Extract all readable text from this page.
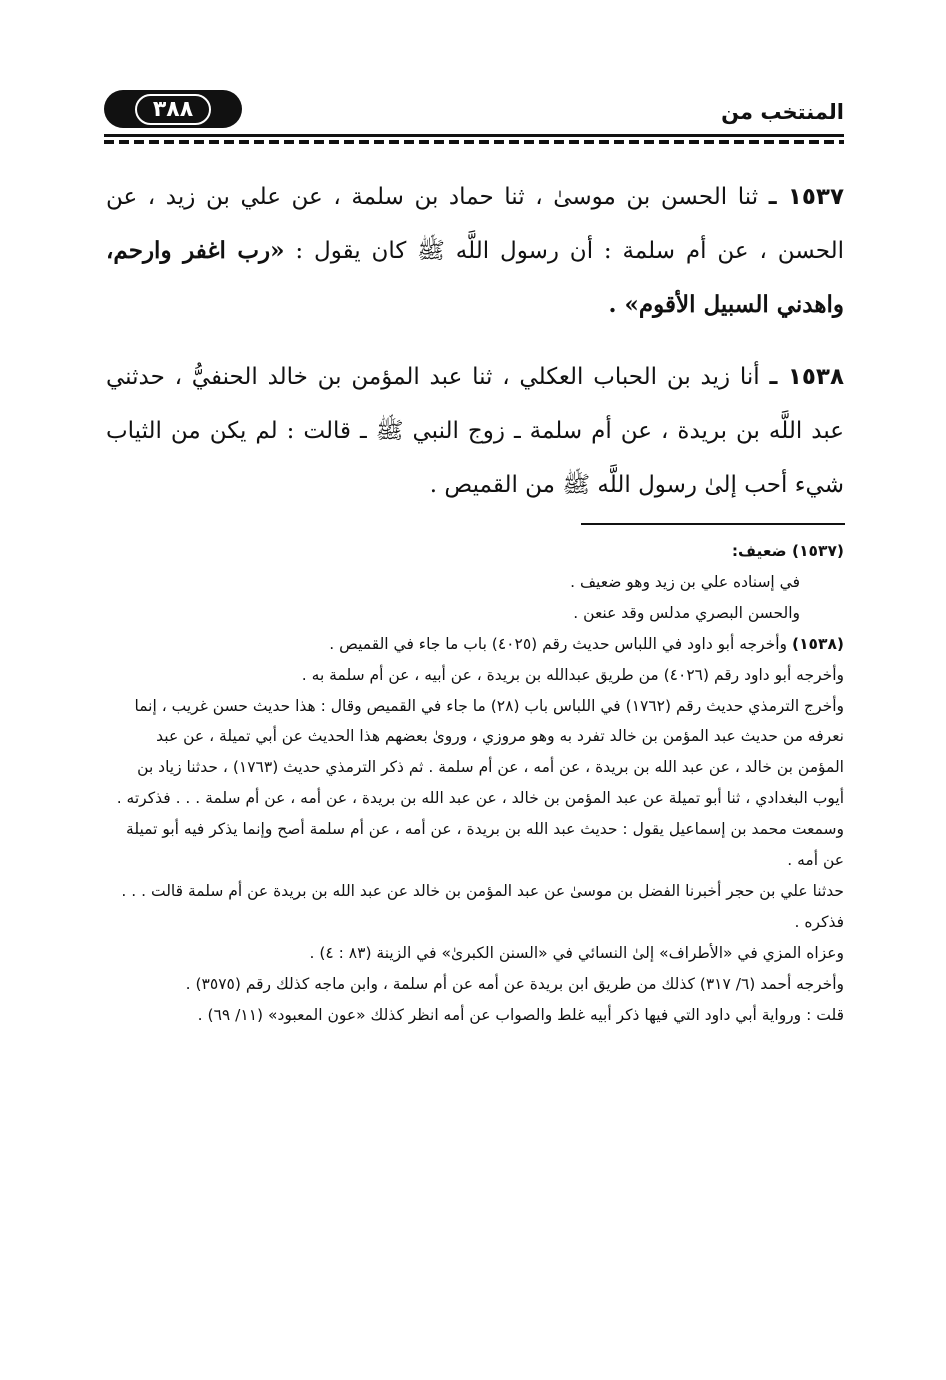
٣٨٨	المنتخب من

١٥٣٧ ـ ثنا الحسن بن موسىٰ ، ثنا حماد بن سلمة ، عن علي بن زيد ، عن الحسن ، عن أم سلمة : أن رسول اللَّه ﷺ كان يقول : «رب اغفر وارحم، واهدني السبيل الأقوم» .

١٥٣٨ ـ أنا زيد بن الحباب العكلي ، ثنا عبد المؤمن بن خالد الحنفيُّ ، حدثني عبد اللَّه بن بريدة ، عن أم سلمة ـ زوج النبي ﷺ ـ قالت : لم يكن من الثياب شيء أحب إلىٰ رسول اللَّه ﷺ من القميص .

(١٥٣٧) ضعيف:

في إسناده علي بن زيد وهو ضعيف .

والحسن البصري مدلس وقد عنعن .

(١٥٣٨) وأخرجه أبو داود في اللباس حديث رقم (٤٠٢٥) باب ما جاء في القميص .

وأخرجه أبو داود رقم (٤٠٢٦) من طريق عبدالله بن بريدة ، عن أبيه ، عن أم سلمة به .

وأخرج الترمذي حديث رقم (١٧٦٢) في اللباس باب (٢٨) ما جاء في القميص وقال : هذا حديث حسن غريب ، إنما نعرفه من حديث عبد المؤمن بن خالد تفرد به وهو مروزي ، وروىٰ بعضهم هذا الحديث عن أبي تميلة ، عن عبد المؤمن بن خالد ، عن عبد الله بن بريدة ، عن أمه ، عن أم سلمة . ثم ذكر الترمذي حديث (١٧٦٣) ، حدثنا زياد بن أيوب البغدادي ، ثنا أبو تميلة عن عبد المؤمن بن خالد ، عن عبد الله بن بريدة ، عن أمه ، عن أم سلمة . . . فذكرته .

وسمعت محمد بن إسماعيل يقول : حديث عبد الله بن بريدة ، عن أمه ، عن أم سلمة أصح وإنما يذكر فيه أبو تميلة عن أمه .

حدثنا علي بن حجر أخبرنا الفضل بن موسىٰ عن عبد المؤمن بن خالد عن عبد الله بن بريدة عن أم سلمة قالت . . . فذكره .

وعزاه المزي في «الأطراف» إلىٰ النسائي في «السنن الكبرىٰ» في الزينة (٨٣ : ٤) .

وأخرجه أحمد (٦/ ٣١٧) كذلك من طريق ابن بريدة عن أمه عن أم سلمة ، وابن ماجه كذلك رقم (٣٥٧٥) .

قلت : ورواية أبي داود التي فيها ذكر أبيه غلط والصواب عن أمه انظر كذلك «عون المعبود» (١١/ ٦٩) .
